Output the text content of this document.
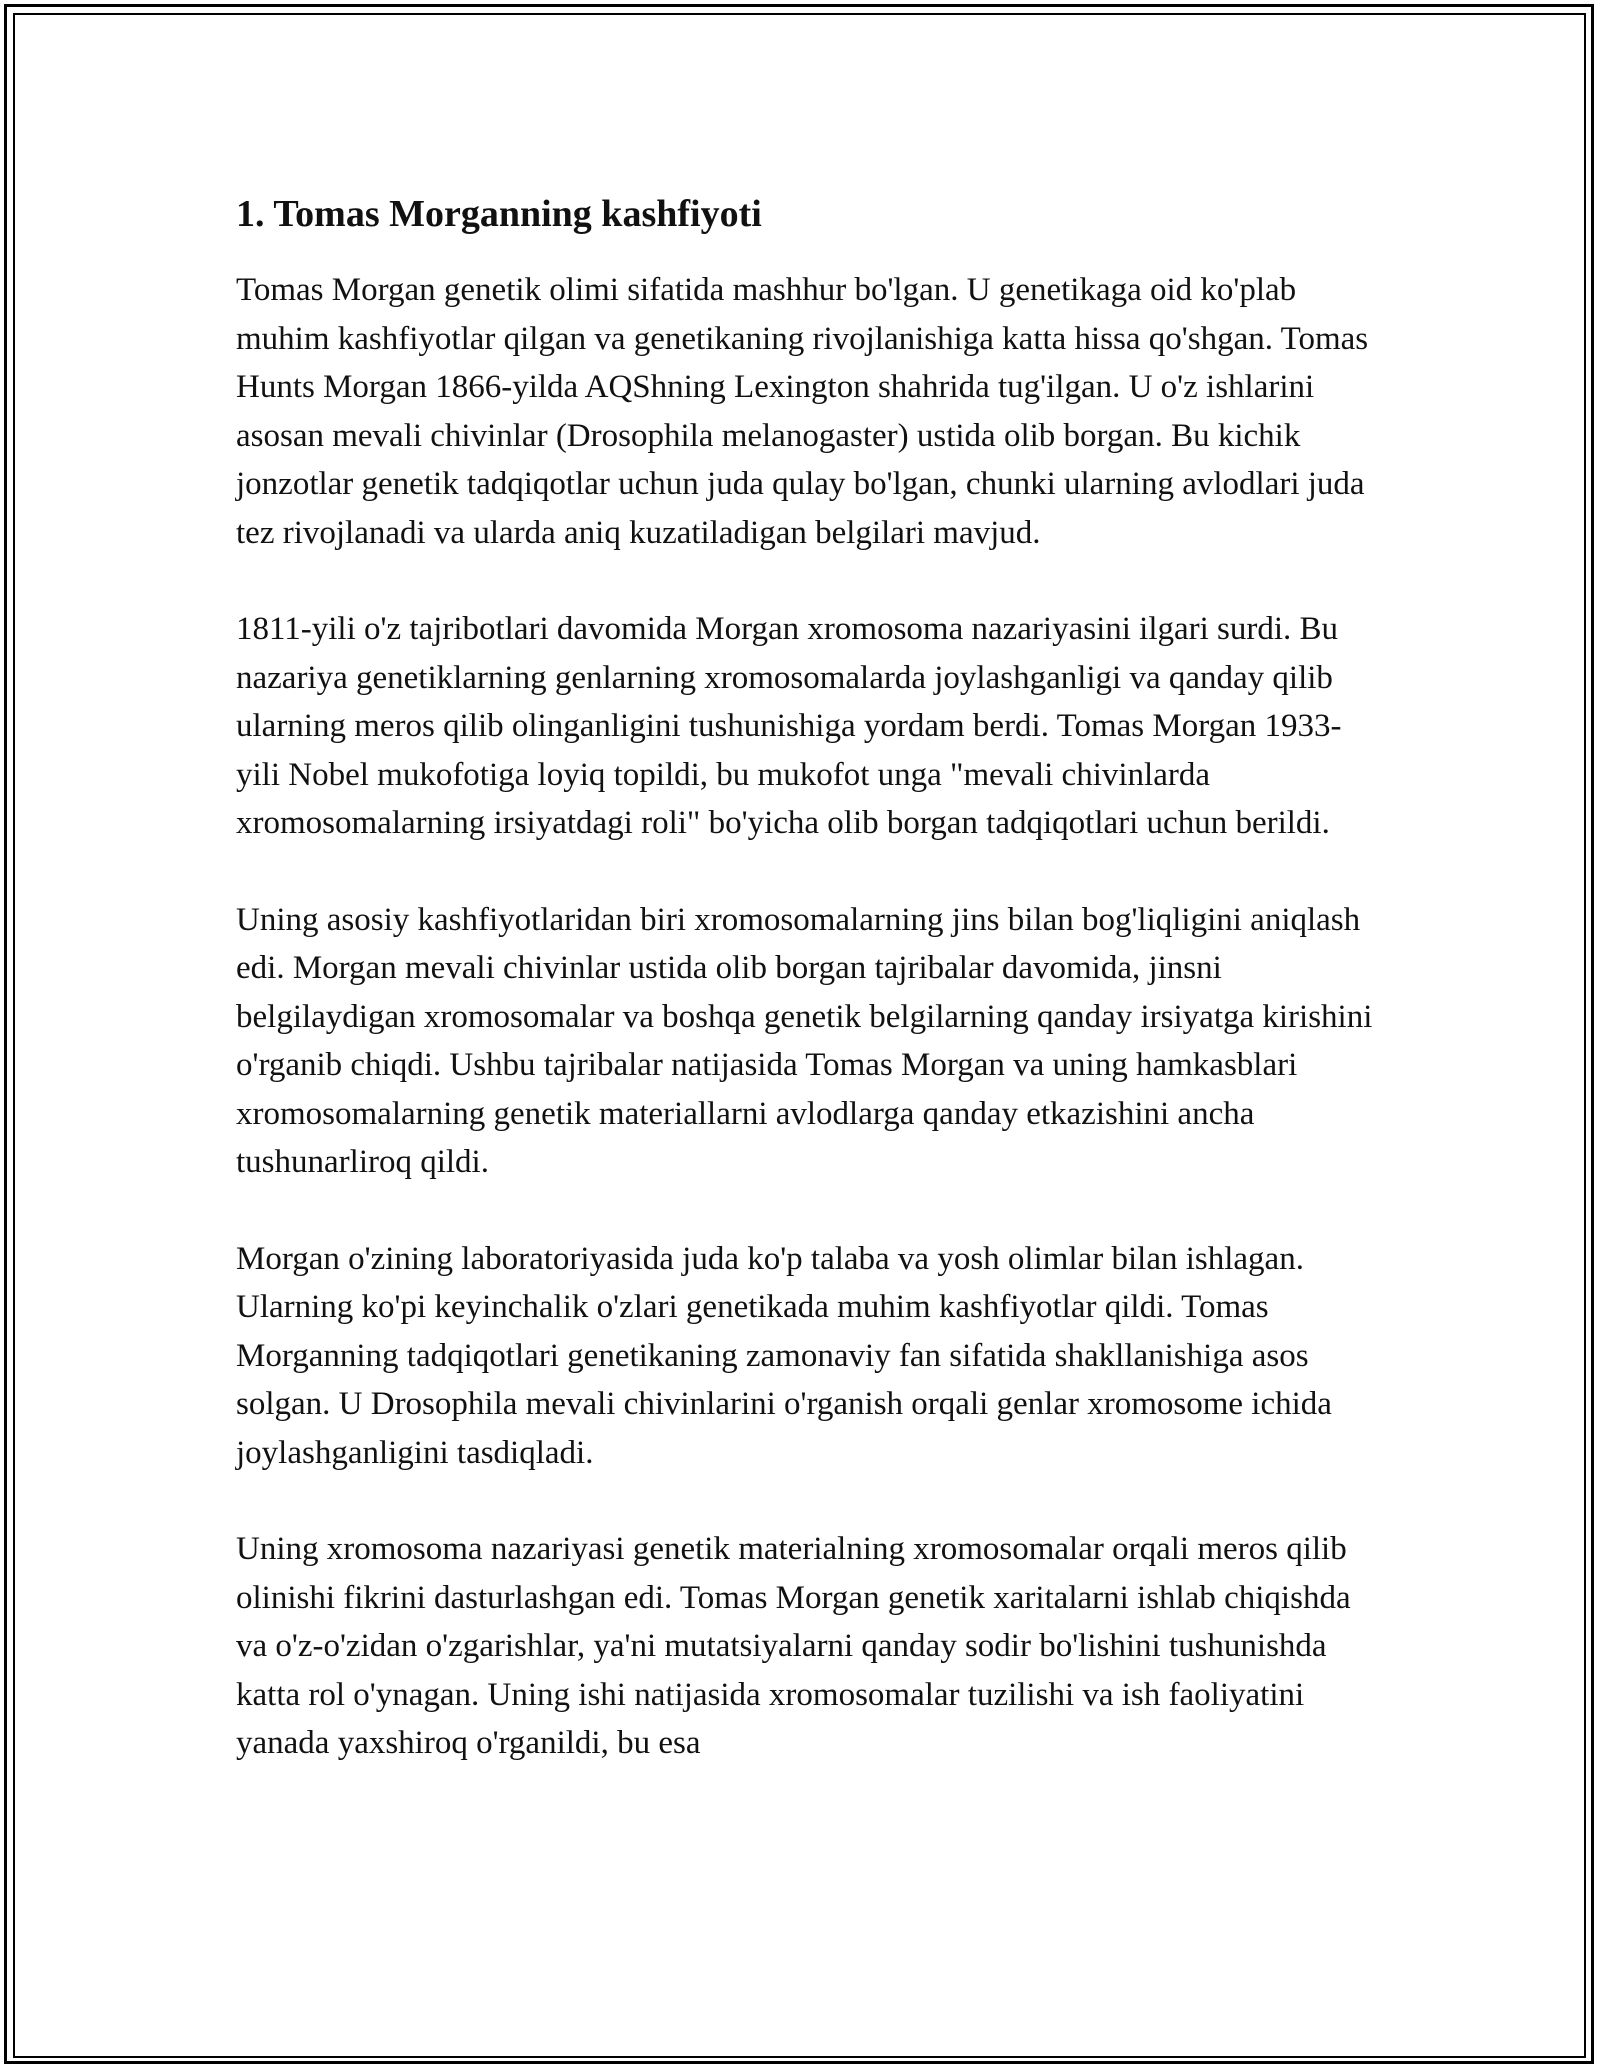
1. Tomas Morganning kashfiyoti

Tomas Morgan genetik olimi sifatida mashhur bo'lgan. U genetikaga oid ko'plab muhim kashfiyotlar qilgan va genetikaning rivojlanishiga katta hissa qo'shgan. Tomas Hunts Morgan 1866-yilda AQShning Lexington shahrida tug'ilgan. U o'z ishlarini asosan mevali chivinlar (Drosophila melanogaster) ustida olib borgan. Bu kichik jonzotlar genetik tadqiqotlar uchun juda qulay bo'lgan, chunki ularning avlodlari juda tez rivojlanadi va ularda aniq kuzatiladigan belgilari mavjud.

1811-yili o'z tajribotlari davomida Morgan xromosoma nazariyasini ilgari surdi. Bu nazariya genetiklarning genlarning xromosomalarda joylashganligi va qanday qilib ularning meros qilib olinganligini tushunishiga yordam berdi. Tomas Morgan 1933-yili Nobel mukofotiga loyiq topildi, bu mukofot unga "mevali chivinlarda xromosomalarning irsiyatdagi roli" bo'yicha olib borgan tadqiqotlari uchun berildi.

Uning asosiy kashfiyotlaridan biri xromosomalarning jins bilan bog'liqligini aniqlash edi. Morgan mevali chivinlar ustida olib borgan tajribalar davomida, jinsni belgilaydigan xromosomalar va boshqa genetik belgilarning qanday irsiyatga kirishini o'rganib chiqdi. Ushbu tajribalar natijasida Tomas Morgan va uning hamkasblari xromosomalarning genetik materiallarni avlodlarga qanday etkazishini ancha tushunarliroq qildi.

Morgan o'zining laboratoriyasida juda ko'p talaba va yosh olimlar bilan ishlagan. Ularning ko'pi keyinchalik o'zlari genetikada muhim kashfiyotlar qildi. Tomas Morganning tadqiqotlari genetikaning zamonaviy fan sifatida shakllanishiga asos solgan. U Drosophila mevali chivinlarini o'rganish orqali genlar xromosome ichida joylashganligini tasdiqladi.

Uning xromosoma nazariyasi genetik materialning xromosomalar orqali meros qilib olinishi fikrini dasturlashgan edi. Tomas Morgan genetik xaritalarni ishlab chiqishda va o'z-o'zidan o'zgarishlar, ya'ni mutatsiyalarni qanday sodir bo'lishini tushunishda katta rol o'ynagan. Uning ishi natijasida xromosomalar tuzilishi va ish faoliyatini yanada yaxshiroq o'rganildi, bu esa
